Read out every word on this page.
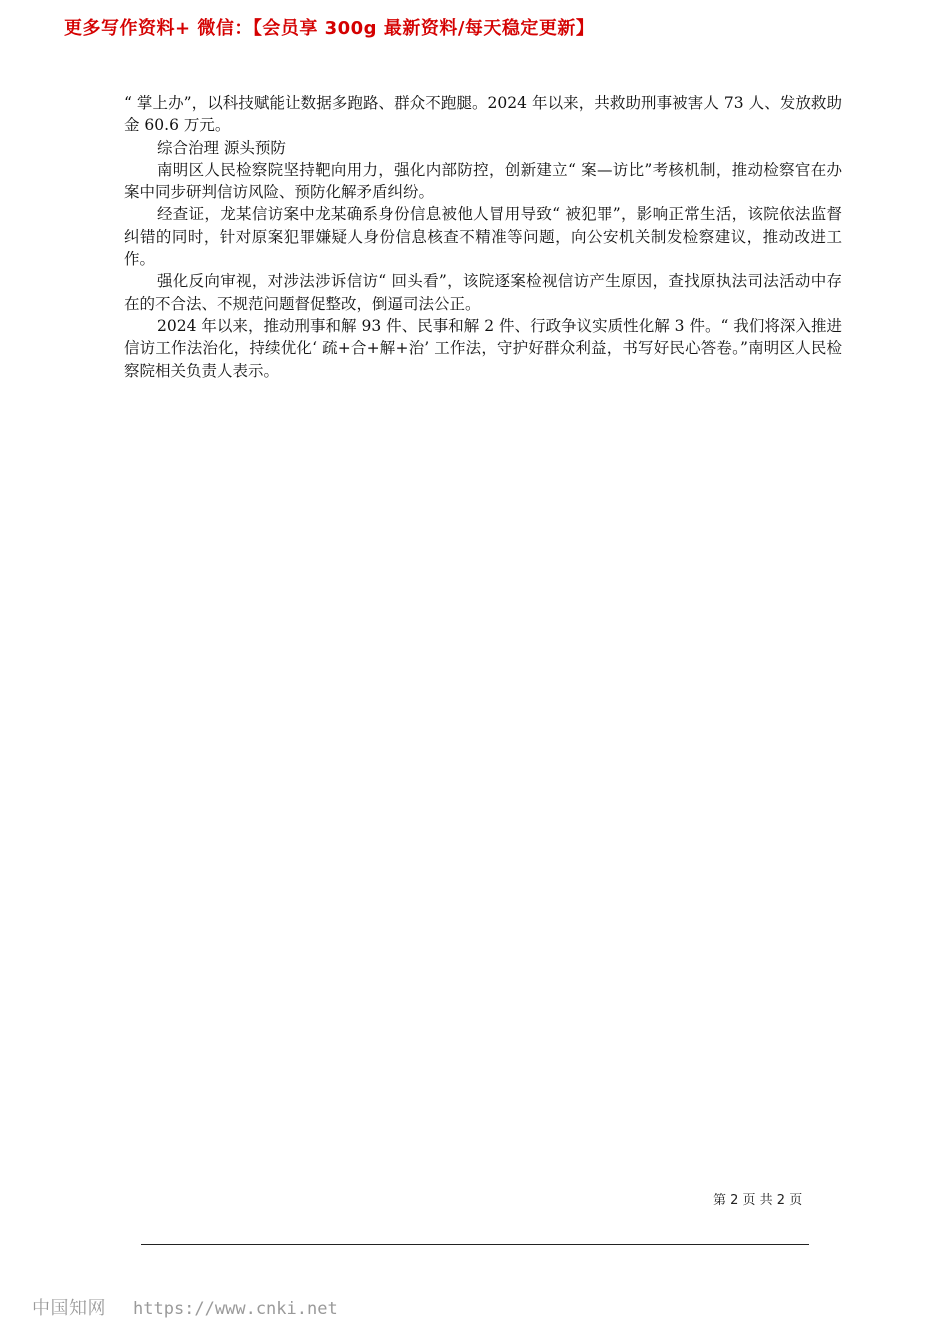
更多写作资料+ 微信：【会员享 300g 最新资料/每天稳定更新】

“ 掌上办”，以科技赋能让数据多跑路、群众不跑腿。2024 年以来，共救助刑事被害人 73 人、发放救助金 60.6 万元。

综合治理 源头预防

南明区人民检察院坚持靶向用力，强化内部防控，创新建立“ 案—访比”考核机制，推动检察官在办案中同步研判信访风险、预防化解矛盾纠纷。

经查证，龙某信访案中龙某确系身份信息被他人冒用导致“ 被犯罪”，影响正常生活，该院依法监督纠错的同时，针对原案犯罪嫌疑人身份信息核查不精准等问题，向公安机关制发检察建议，推动改进工作。

强化反向审视，对涉法涉诉信访“ 回头看”，该院逐案检视信访产生原因，查找原执法司法活动中存在的不合法、不规范问题督促整改，倒逼司法公正。

2024 年以来，推动刑事和解 93 件、民事和解 2 件、行政争议实质性化解 3 件。“ 我们将深入推进信访工作法治化，持续优化‘ 疏+合+解+治’ 工作法，守护好群众利益，书写好民心答卷。”南明区人民检察院相关负责人表示。

第 2 页 共 2 页
中国知网 https://www.cnki.net
